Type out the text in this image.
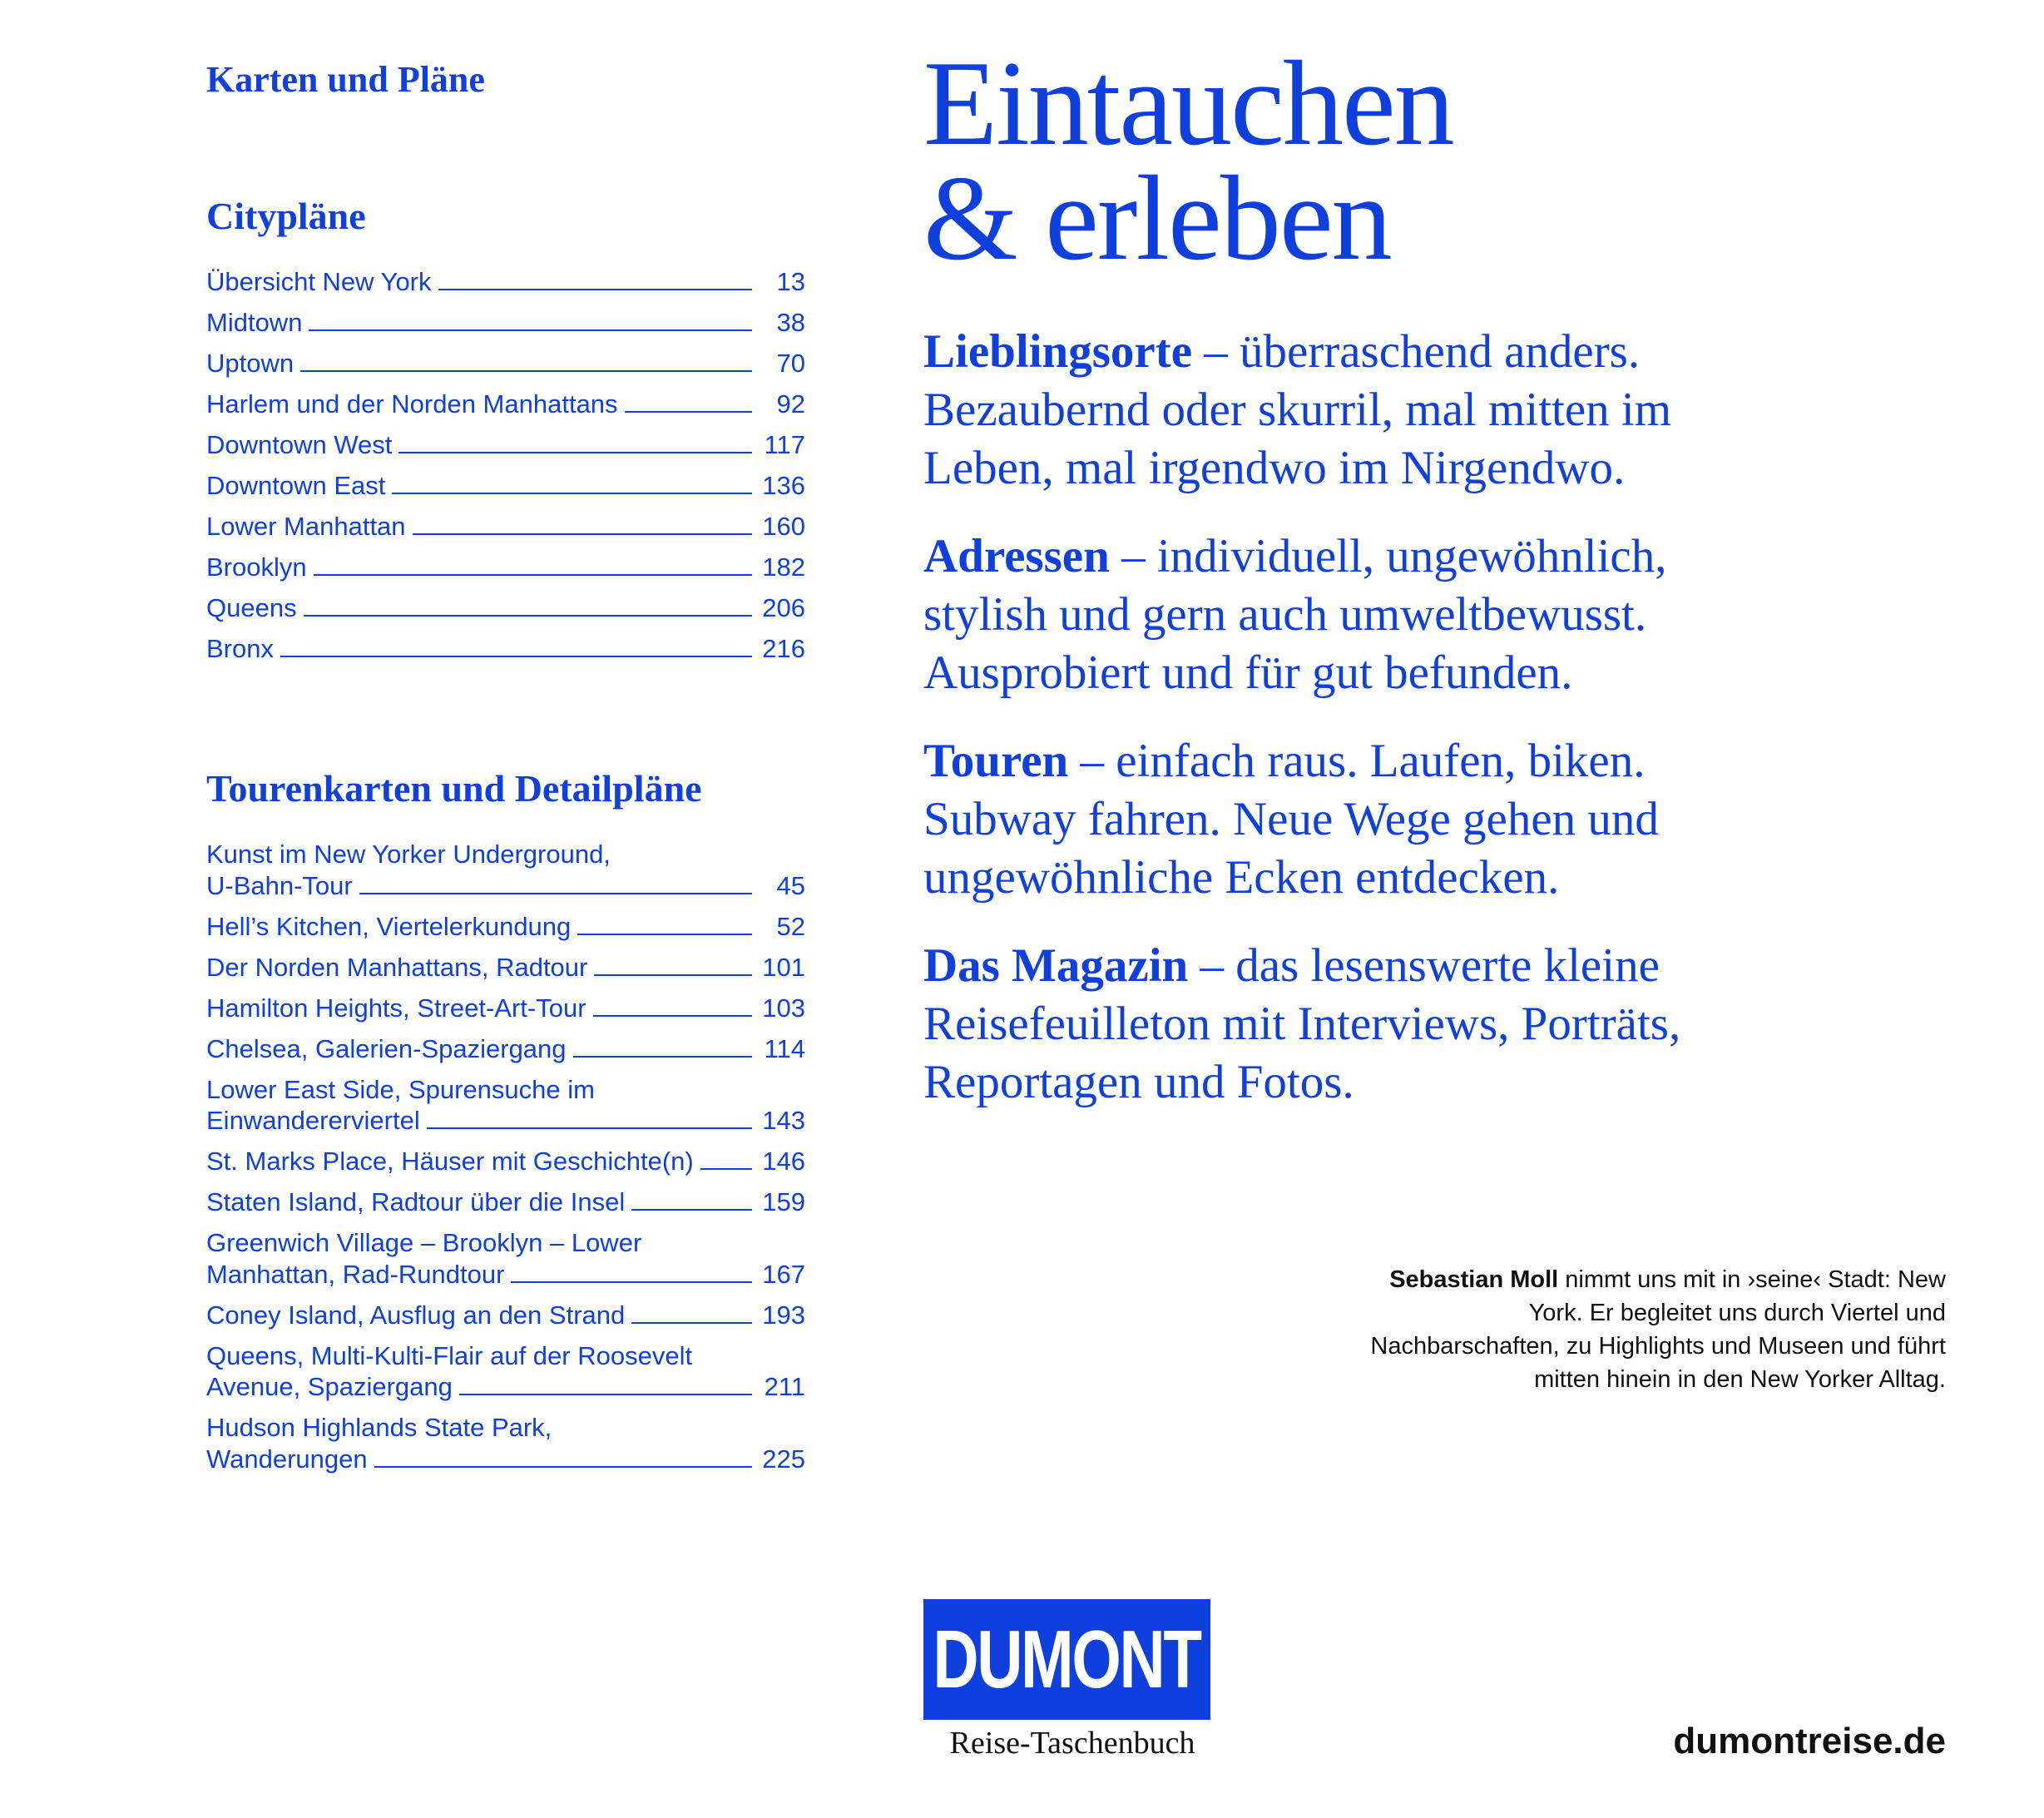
Karten und Pläne
Citypläne
Übersicht New York	13
Midtown	38
Uptown	70
Harlem und der Norden Manhattans	92
Downtown West	117
Downtown East	136
Lower Manhattan	160
Brooklyn	182
Queens	206
Bronx	216
Tourenkarten und Detailpläne
Kunst im New Yorker Underground,
U-Bahn-Tour	45
Hell’s Kitchen, Viertelerkundung	52
Der Norden Manhattans, Radtour	101
Hamilton Heights, Street-Art-Tour	103
Chelsea, Galerien-Spaziergang	114
Lower East Side, Spurensuche im
Einwandererviertel	143
St. Marks Place, Häuser mit Geschichte(n)	146
Staten Island, Radtour über die Insel	159
Greenwich Village – Brooklyn – Lower
Manhattan, Rad-Rundtour	167
Coney Island, Ausflug an den Strand	193
Queens, Multi-Kulti-Flair auf der Roosevelt
Avenue, Spaziergang	211
Hudson Highlands State Park,
Wanderungen	225
Eintauchen
& erleben

Lieblingsorte – überraschend anders. Bezaubernd oder skurril, mal mitten im Leben, mal irgendwo im Nirgendwo.

Adressen – individuell, ungewöhnlich, stylish und gern auch umweltbewusst. Ausprobiert und für gut befunden.

Touren – einfach raus. Laufen, biken. Subway fahren. Neue Wege gehen und ungewöhnliche Ecken entdecken.

Das Magazin – das lesenswerte kleine Reisefeuilleton mit Interviews, Porträts, Reportagen und Fotos.

Sebastian Moll nimmt uns mit in ›seine‹ Stadt: New York. Er begleitet uns durch Viertel und Nachbarschaften, zu Highlights und Museen und führt mitten hinein in den New Yorker Alltag.
DUMONT
Reise-Taschenbuch	dumontreise.de
